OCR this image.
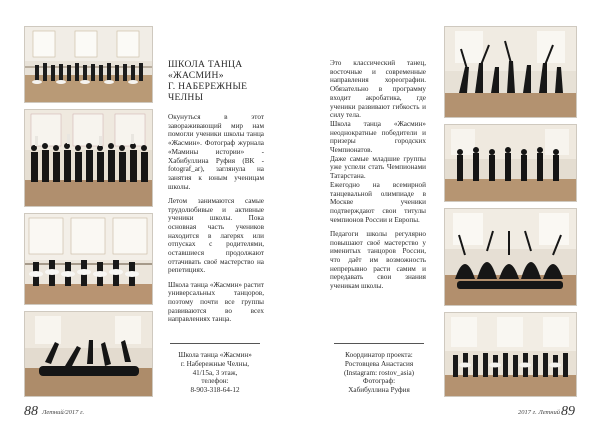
ШКОЛА ТАНЦА
«ЖАСМИН»
Г. НАБЕРЕЖНЫЕ
ЧЕЛНЫ

Окунуться в этот завораживающий мир нам помогли ученики школы танца «Жасмин». Фотограф журнала «Мамины истории» - Хабибуллина Руфия (ВК - fotograf_ar), заглянула на занятия к юным ученицам школы.

Летом занимаются самые трудолюбивые и активные ученики школы. Пока основная часть учеников находится в лагерях или отпусках с родителями, оставшиеся продолжают оттачивать своё мастерство на репетициях.

Школа танца «Жасмин» растит универсальных танцоров, поэтому почти все группы развиваются во всех направлениях танца.

Это классический танец, восточные и современные направления хореографии. Обязательно в программу входит акробатика, где ученики развивают гибкость и силу тела.

Школа танца «Жасмин» неоднократные победители и призеры городских Чемпионатов.

Даже самые младшие группы уже успели стать Чемпионами Татарстана.

Ежегодно на всемирной танцевальной олимпиаде в Москве ученики подтверждают свои титулы чемпионов России и Европы.

Педагоги школы регулярно повышают своё мастерство у именитых танцоров России, что даёт им возможность непрерывно расти самим и передавать свои знания ученикам школы.

Школа танца «Жасмин»
г. Набережные Челны,
41/15а, 3 этаж,
телефон:
8-903-318-64-12
Координатор проекта:
Ростовцева Анастасия
(Instagram: rostov_asia)
Фотограф:
Хабибуллина Руфия
88 Летний/2017 г.	2017 г. Летний 89
